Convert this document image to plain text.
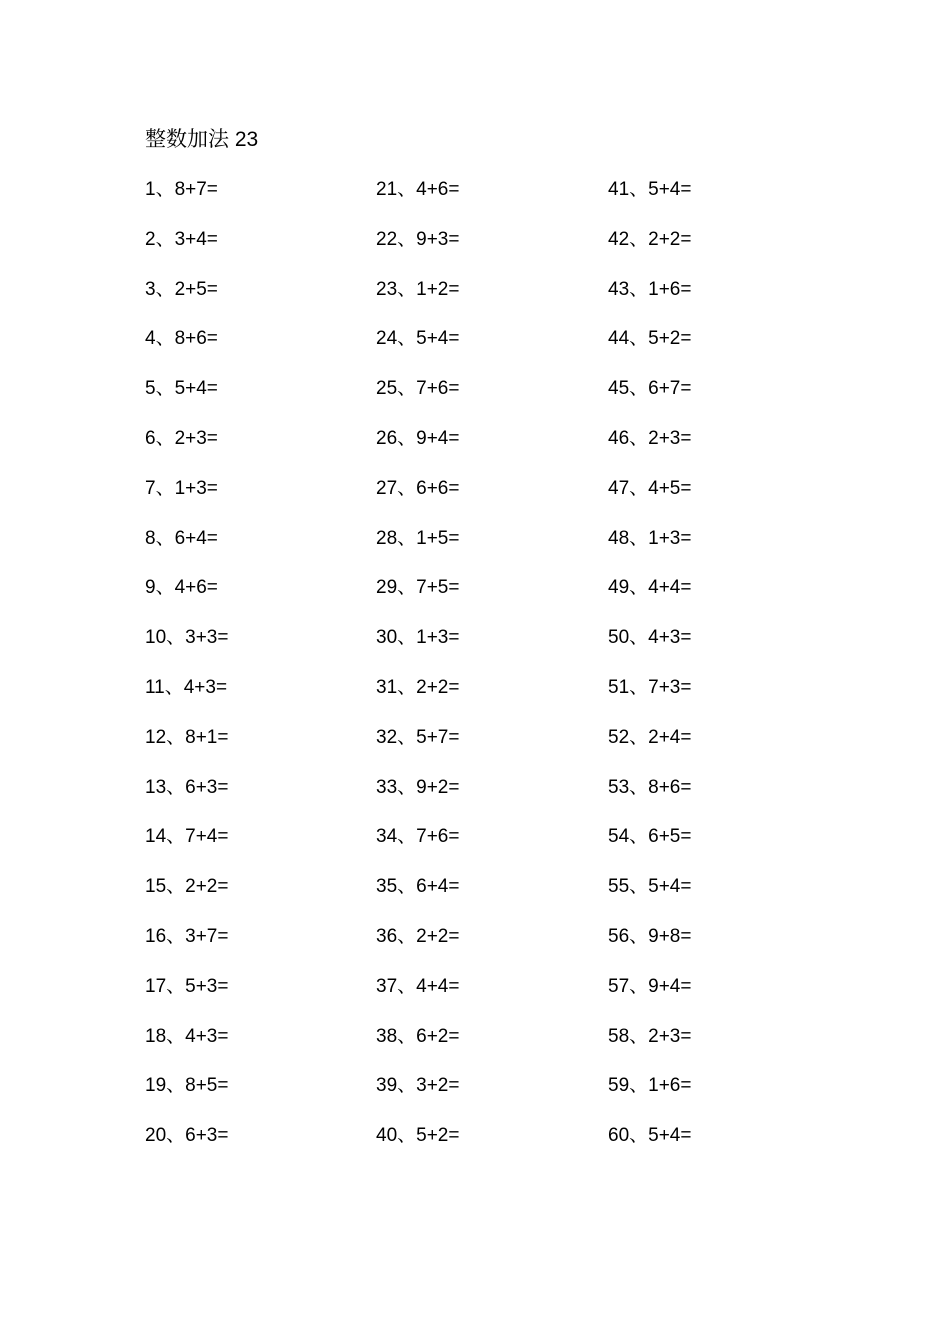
整数加法 23
1、8+7=
2、3+4=
3、2+5=
4、8+6=
5、5+4=
6、2+3=
7、1+3=
8、6+4=
9、4+6=
10、3+3=
11、4+3=
12、8+1=
13、6+3=
14、7+4=
15、2+2=
16、3+7=
17、5+3=
18、4+3=
19、8+5=
20、6+3=
21、4+6=
22、9+3=
23、1+2=
24、5+4=
25、7+6=
26、9+4=
27、6+6=
28、1+5=
29、7+5=
30、1+3=
31、2+2=
32、5+7=
33、9+2=
34、7+6=
35、6+4=
36、2+2=
37、4+4=
38、6+2=
39、3+2=
40、5+2=
41、5+4=
42、2+2=
43、1+6=
44、5+2=
45、6+7=
46、2+3=
47、4+5=
48、1+3=
49、4+4=
50、4+3=
51、7+3=
52、2+4=
53、8+6=
54、6+5=
55、5+4=
56、9+8=
57、9+4=
58、2+3=
59、1+6=
60、5+4=
